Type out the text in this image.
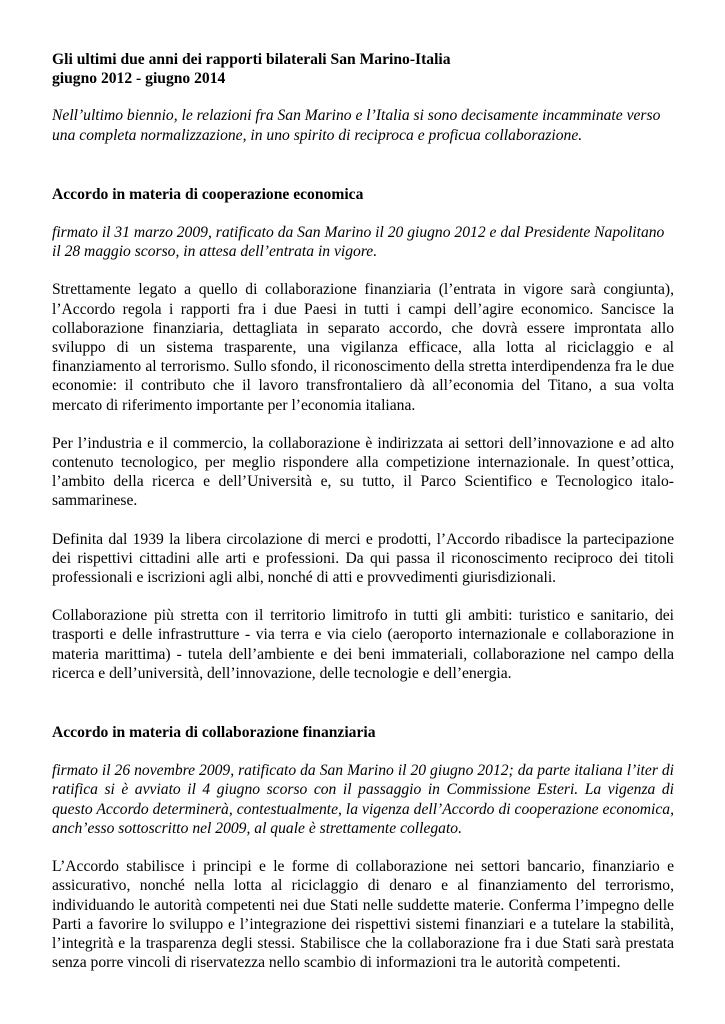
Gli ultimi due anni dei rapporti bilaterali San Marino-Italia
giugno 2012 - giugno 2014

Nell’ultimo biennio, le relazioni fra San Marino e l’Italia si sono decisamente incamminate verso una completa normalizzazione, in uno spirito di reciproca e proficua collaborazione.

Accordo in materia di cooperazione economica

firmato il 31 marzo 2009, ratificato da San Marino il 20 giugno 2012 e dal Presidente Napolitano il 28 maggio scorso, in attesa dell’entrata in vigore.

Strettamente legato a quello di collaborazione finanziaria (l’entrata in vigore sarà congiunta), l’Accordo regola i rapporti fra i due Paesi in tutti i campi dell’agire economico. Sancisce la collaborazione finanziaria, dettagliata in separato accordo, che dovrà essere improntata allo sviluppo di un sistema trasparente, una vigilanza efficace, alla lotta al riciclaggio e al finanziamento al terrorismo. Sullo sfondo, il riconoscimento della stretta interdipendenza fra le due economie: il contributo che il lavoro transfrontaliero dà all’economia del Titano, a sua volta mercato di riferimento importante per l’economia italiana.

Per l’industria e il commercio, la collaborazione è indirizzata ai settori dell’innovazione e ad alto contenuto tecnologico, per meglio rispondere alla competizione internazionale. In quest’ottica, l’ambito della ricerca e dell’Università e, su tutto, il Parco Scientifico e Tecnologico italo-sammarinese.

Definita dal 1939 la libera circolazione di merci e prodotti, l’Accordo ribadisce la partecipazione dei rispettivi cittadini alle arti e professioni. Da qui passa il riconoscimento reciproco dei titoli professionali e iscrizioni agli albi, nonché di atti e provvedimenti giurisdizionali.

Collaborazione più stretta con il territorio limitrofo in tutti gli ambiti: turistico e sanitario, dei trasporti e delle infrastrutture - via terra e via cielo (aeroporto internazionale e collaborazione in materia marittima) - tutela dell’ambiente e dei beni immateriali, collaborazione nel campo della ricerca e dell’università, dell’innovazione, delle tecnologie e dell’energia.

Accordo in materia di collaborazione finanziaria

firmato il 26 novembre 2009, ratificato da San Marino il 20 giugno 2012; da parte italiana l’iter di ratifica si è avviato il 4 giugno scorso con il passaggio in Commissione Esteri. La vigenza di questo Accordo determinerà, contestualmente, la vigenza dell’Accordo di cooperazione economica, anch’esso sottoscritto nel 2009, al quale è strettamente collegato.

L’Accordo stabilisce i principi e le forme di collaborazione nei settori bancario, finanziario e assicurativo, nonché nella lotta al riciclaggio di denaro e al finanziamento del terrorismo, individuando le autorità competenti nei due Stati nelle suddette materie. Conferma l’impegno delle Parti a favorire lo sviluppo e l’integrazione dei rispettivi sistemi finanziari e a tutelare la stabilità, l’integrità e la trasparenza degli stessi. Stabilisce che la collaborazione fra i due Stati sarà prestata senza porre vincoli di riservatezza nello scambio di informazioni tra le autorità competenti.
